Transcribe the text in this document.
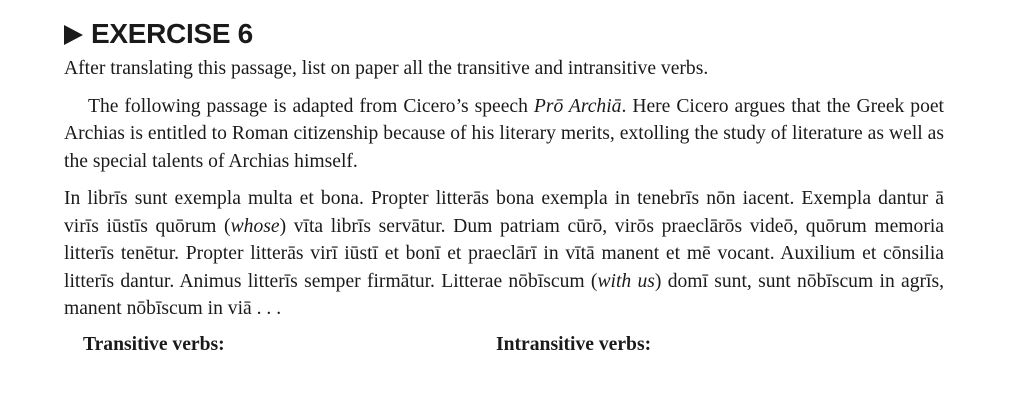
EXERCISE 6

After translating this passage, list on paper all the transitive and intransitive verbs.

The following passage is adapted from Cicero’s speech Prō Archiā. Here Cicero argues that the Greek poet Archias is entitled to Roman citizenship because of his literary merits, extolling the study of literature as well as the special talents of Archias himself.

In librīs sunt exempla multa et bona. Propter litterās bona exempla in tenebrīs nōn iacent. Exempla dantur ā virīs iūstīs quōrum (whose) vīta librīs servātur. Dum patriam cūrō, virōs praeclārōs videō, quōrum memoria litterīs tenētur. Propter litterās virī iūstī et bonī et praeclārī in vītā manent et mē vocant. Auxilium et cōnsilia litterīs dantur. Animus litterīs semper firmātur. Litterae nōbīscum (with us) domī sunt, sunt nōbīscum in agrīs, manent nōbīscum in viā . . .

Transitive verbs:	Intransitive verbs:
